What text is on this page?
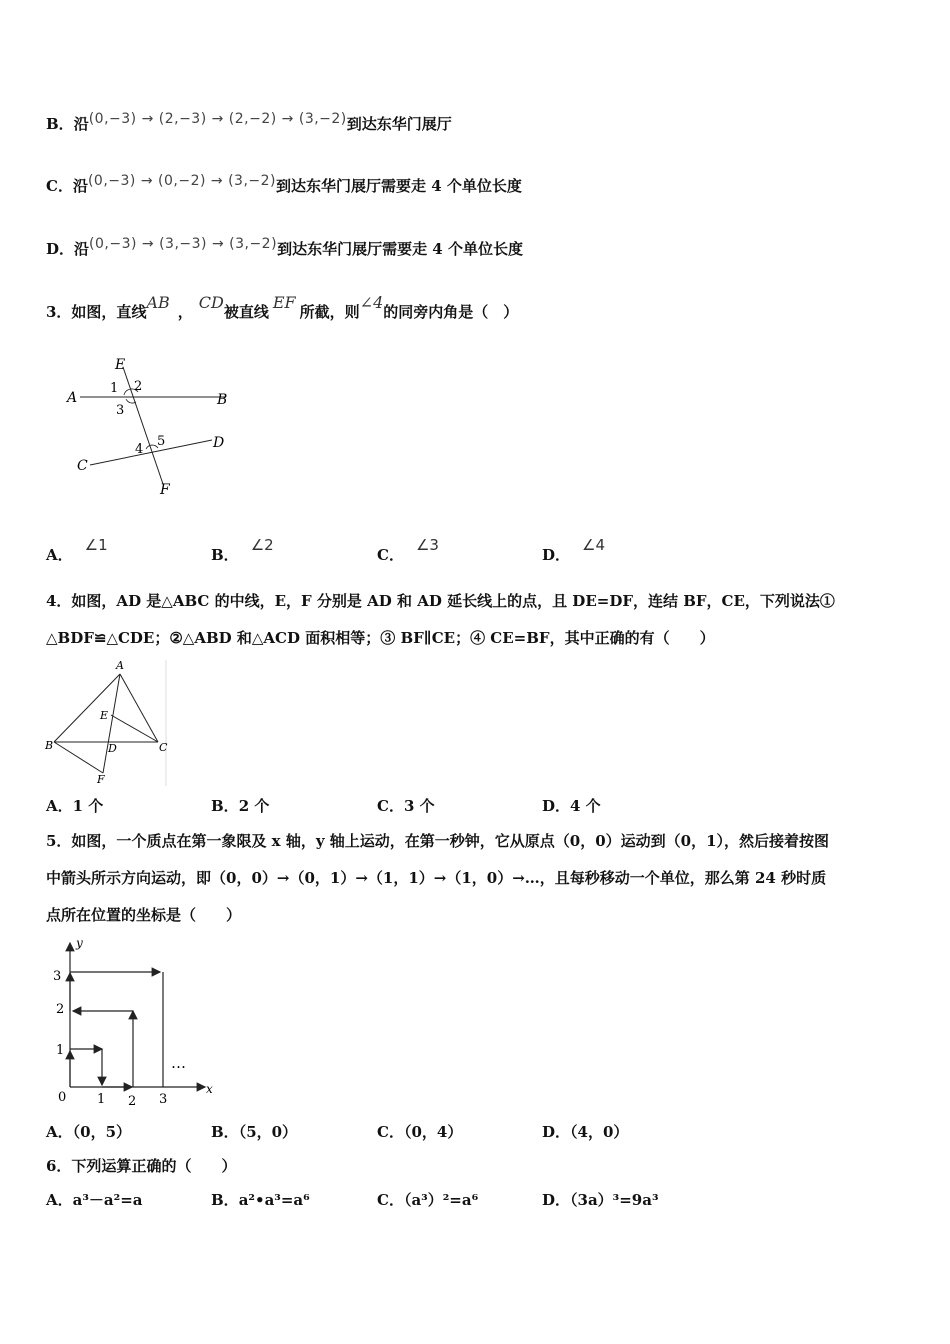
B．沿(0,−3) → (2,−3) → (2,−2) → (3,−2)到达东华门展厅
C．沿(0,−3) → (0,−2) → (3,−2)到达东华门展厅需要走 4 个单位长度
D．沿(0,−3) → (3,−3) → (3,−2)到达东华门展厅需要走 4 个单位长度
3．如图，直线AB ， CD被直线 EF 所截，则∠4的同旁内角是（　）
A	B
C
D
E
F
1 2
3
4
5
A．∠1
B．∠2
C．∠3
D．∠4
4．如图，AD 是△ABC 的中线，E，F 分别是 AD 和 AD 延长线上的点，且 DE=DF，连结 BF，CE，下列说法①
△BDF≌△CDE；②△ABD 和△ACD 面积相等；③ BF∥CE；④ CE=BF，其中正确的有（　　）
A
B	C
D
E
F
A．1 个	B．2 个	C．3 个	D．4 个
5．如图，一个质点在第一象限及 x 轴，y 轴上运动，在第一秒钟，它从原点（0，0）运动到（0，1），然后接着按图
中箭头所示方向运动，即（0，0）→（0，1）→（1，1）→（1，0）→…，且每秒移动一个单位，那么第 24 秒时质
点所在位置的坐标是（　　）
y
x
0 1 2 3
1
2
3
…
A．（0，5）	B．（5，0）	C．（0，4）	D．（4，0）
6．下列运算正确的（　　）
A．a³－a²=a	B．a²•a³=a⁶	C．（a³）²=a⁶	D．（3a）³=9a³
